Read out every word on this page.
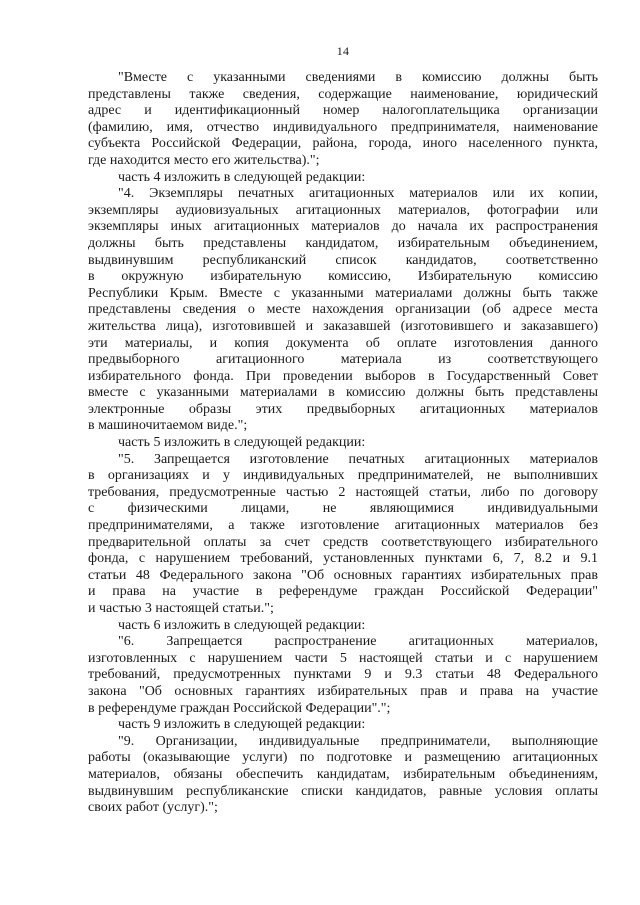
14
"Вместе с указанными сведениями в комиссию должны быть
представлены также сведения, содержащие наименование, юридический
адрес и идентификационный номер налогоплательщика организации
(фамилию, имя, отчество индивидуального предпринимателя, наименование
субъекта Российской Федерации, района, города, иного населенного пункта,
где находится место его жительства).";
часть 4 изложить в следующей редакции:
"4. Экземпляры печатных агитационных материалов или их копии,
экземпляры аудиовизуальных агитационных материалов, фотографии или
экземпляры иных агитационных материалов до начала их распространения
должны быть представлены кандидатом, избирательным объединением,
выдвинувшим республиканский список кандидатов, соответственно
в окружную избирательную комиссию, Избирательную комиссию
Республики Крым. Вместе с указанными материалами должны быть также
представлены сведения о месте нахождения организации (об адресе места
жительства лица), изготовившей и заказавшей (изготовившего и заказавшего)
эти материалы, и копия документа об оплате изготовления данного
предвыборного агитационного материала из соответствующего
избирательного фонда. При проведении выборов в Государственный Совет
вместе с указанными материалами в комиссию должны быть представлены
электронные образы этих предвыборных агитационных материалов
в машиночитаемом виде.";
часть 5 изложить в следующей редакции:
"5. Запрещается изготовление печатных агитационных материалов
в организациях и у индивидуальных предпринимателей, не выполнивших
требования, предусмотренные частью 2 настоящей статьи, либо по договору
с физическими лицами, не являющимися индивидуальными
предпринимателями, а также изготовление агитационных материалов без
предварительной оплаты за счет средств соответствующего избирательного
фонда, с нарушением требований, установленных пунктами 6, 7, 8.2 и 9.1
статьи 48 Федерального закона "Об основных гарантиях избирательных прав
и права на участие в референдуме граждан Российской Федерации"
и частью 3 настоящей статьи.";
часть 6 изложить в следующей редакции:
"6. Запрещается распространение агитационных материалов,
изготовленных с нарушением части 5 настоящей статьи и с нарушением
требований, предусмотренных пунктами 9 и 9.3 статьи 48 Федерального
закона "Об основных гарантиях избирательных прав и права на участие
в референдуме граждан Российской Федерации".";
часть 9 изложить в следующей редакции:
"9. Организации, индивидуальные предприниматели, выполняющие
работы (оказывающие услуги) по подготовке и размещению агитационных
материалов, обязаны обеспечить кандидатам, избирательным объединениям,
выдвинувшим республиканские списки кандидатов, равные условия оплаты
своих работ (услуг).";
